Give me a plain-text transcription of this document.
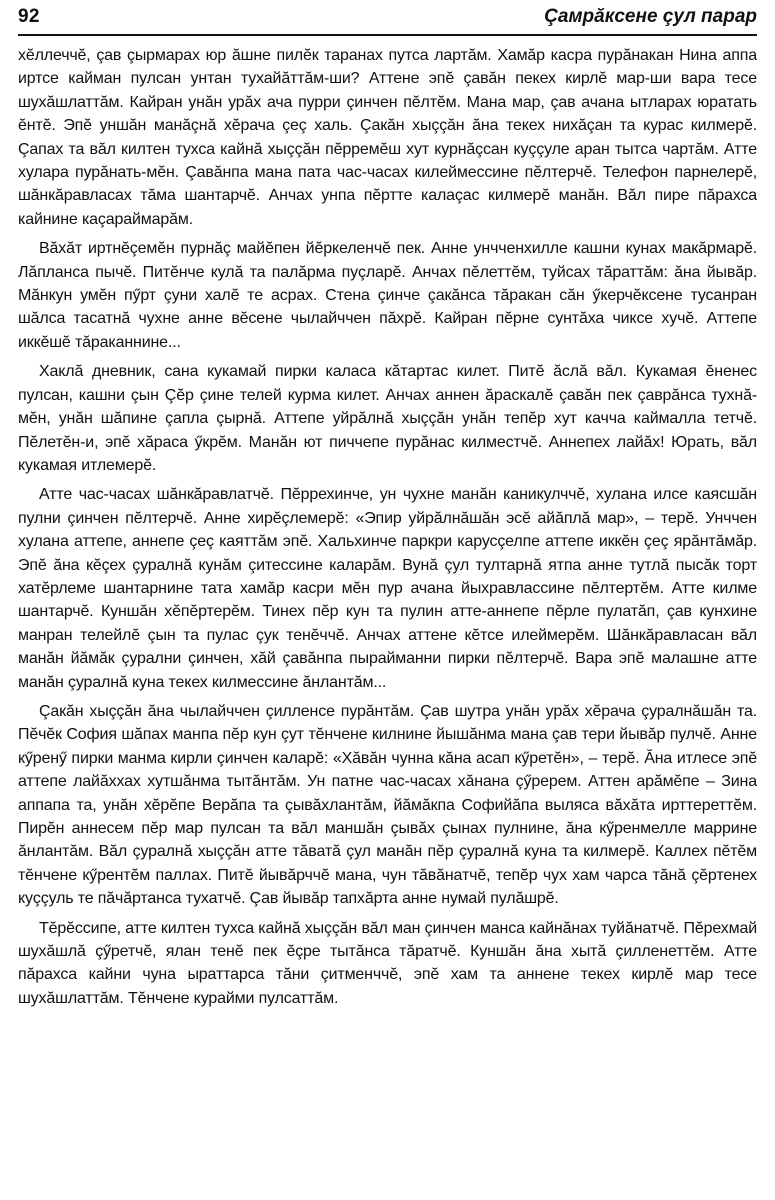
92	Çамрăксене çул парар

хĕллеччĕ, çав çырмарах юр ăшне пилĕк таранах путса лартăм. Хамăр касра пурăнакан Нина аппа иртсе кайман пулсан унтан тухайăттăм-ши? Аттене эпĕ çавăн пекех кирлĕ мар-ши вара тесе шухăшлаттăм. Кайран унăн урăх ача пурри çинчен пĕлтĕм. Мана мар, çав ачана ытларах юратать ĕнтĕ. Эпĕ уншăн манăçнă хĕрача çеç халь. Çакăн хыççăн ăна текех нихăçан та курас килмерĕ. Çапах та вăл килтен тухса кайнă хыççăн пĕрремĕш хут курнăçсан куççуле аран тытса чартăм. Атте хулара пурăнать-мĕн. Çавăнпа мана пата час-часах килеймессине пĕлтерчĕ. Телефон парнелерĕ, шăнкăравласах тăма шантарчĕ. Анчах унпа пĕртте калаçас килмерĕ манăн. Вăл пире пăрахса кайнине каçараймарăм.

Вăхăт иртнĕçемĕн пурнăç майĕпен йĕркеленчĕ пек. Анне унчченхилле кашни кунах макăрмарĕ. Лăпланса пычĕ. Питĕнче кулă та палăрма пуçларĕ. Анчах пĕлеттĕм, туйсах тăраттăм: ăна йывăр. Мăнкун умĕн пӳрт çуни халĕ те асрах. Стена çинче çакăнса тăракан сăн ӳкерчĕксене тусанран шăлса тасатнă чухне анне вĕсене чылайччен пăхрĕ. Кайран пĕрне сунтăха чиксе хучĕ. Аттепе иккĕшĕ тăраканнине...

Хаклă дневник, сана кукамай пирки каласа кăтартас килет. Питĕ ăслă вăл. Кукамая ĕненес пулсан, кашни çын Çĕр çине телей курма килет. Анчах аннен ăраскалĕ çавăн пек çаврăнса тухнă-мĕн, унăн шăпине çапла çырнă. Аттепе уйрăлнă хыççăн унăн тепĕр хут качча каймалла тетчĕ. Пĕлетĕн-и, эпĕ хăраса ӳкрĕм. Манăн ют пиччепе пурăнас килместчĕ. Аннепех лайăх! Юрать, вăл кукамая итлемерĕ.

Атте час-часах шăнкăравлатчĕ. Пĕррехинче, ун чухне манăн каникулччĕ, хулана илсе каясшăн пулни çинчен пĕлтерчĕ. Анне хирĕçлемерĕ: «Эпир уйрăлнăшăн эсĕ айăплă мар», – терĕ. Унччен хулана аттепе, аннепе çеç каяттăм эпĕ. Хальхинче паркри карусçелпе аттепе иккĕн çеç ярăнтăмăр. Эпĕ ăна кĕçех çуралнă кунăм çитессине каларăм. Вунă çул тултарнă ятпа анне тутлă пысăк торт хатĕрлеме шантарнине тата хамăр касри мĕн пур ачана йыхравлассине пĕлтертĕм. Атте килме шантарчĕ. Куншăн хĕпĕртерĕм. Тинех пĕр кун та пулин атте-аннепе пĕрле пулатăп, çав кунхине манран телейлĕ çын та пулас çук тенĕччĕ. Анчах аттене кĕтсе илеймерĕм. Шăнкăравласан вăл манăн йăмăк çурални çинчен, хăй çавăнпа пырайманни пирки пĕлтерчĕ. Вара эпĕ малашне атте манăн çуралнă куна текех килмессине ăнлантăм...

Çакăн хыççăн ăна чылайччен çилленсе пурăнтăм. Çав шутра унăн урăх хĕрача çуралнăшăн та. Пĕчĕк София шăпах манпа пĕр кун çут тĕнчене килнине йышăнма мана çав тери йывăр пулчĕ. Анне кӳренӳ пирки манма кирли çинчен каларĕ: «Хăвăн чунна кăна асап кӳретĕн», – терĕ. Ăна итлесе эпĕ аттепе лайăххах хутшăнма тытăнтăм. Ун патне час-часах хăнана çӳререм. Аттен арăмĕпе – Зина аппапа та, унăн хĕрĕпе Верăпа та çывăхлантăм, йăмăкпа Софийăпа выляса вăхăта ирттереттĕм. Пирĕн аннесем пĕр мар пулсан та вăл маншăн çывăх çынах пулнине, ăна кӳренмелле маррине ăнлантăм. Вăл çуралнă хыççăн атте тăватă çул манăн пĕр çуралнă куна та килмерĕ. Каллех пĕтĕм тĕнчене кӳрентĕм паллах. Питĕ йывăрччĕ мана, чун тăвăнатчĕ, тепĕр чух хам чарса тăнă çĕртенех куççуль те пăчăртанса тухатчĕ. Çав йывăр тапхăрта анне нумай пулăшрĕ.

Тĕрĕссипе, атте килтен тухса кайнă хыççăн вăл ман çинчен манса кайнăнах туйăнатчĕ. Пĕрехмай шухăшлă çӳретчĕ, ялан тенĕ пек ĕçре тытăнса тăратчĕ. Куншăн ăна хытă çилленеттĕм. Атте пăрахса кайни чуна ыраттарса тăни çитменччĕ, эпĕ хам та аннене текех кирлĕ мар тесе шухăшлаттăм. Тĕнчене курайми пулсаттăм.
